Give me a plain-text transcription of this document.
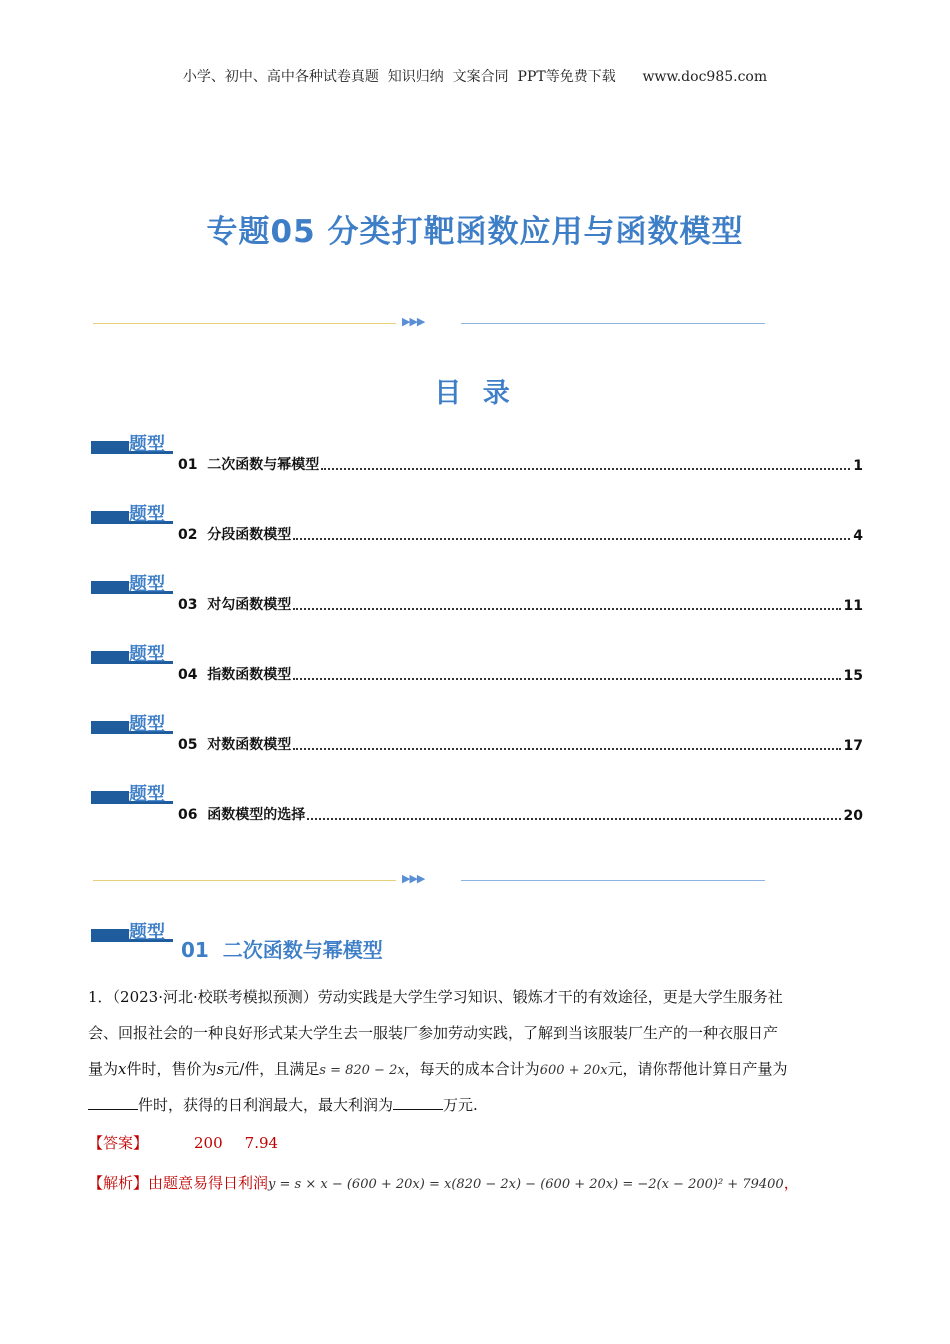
小学、初中、高中各种试卷真题  知识归纳  文案合同  PPT等免费下载      www.doc985.com
专题05 分类打靶函数应用与函数模型
▶▶▶
目 录
题型
01  二次函数与幂模型	1
题型
02  分段函数模型	4
题型
03  对勾函数模型	11
题型
04  指数函数模型	15
题型
05  对数函数模型	17
题型
06  函数模型的选择	20
▶▶▶
题型
01  二次函数与幂模型
1．（2023·河北·校联考模拟预测）劳动实践是大学生学习知识、锻炼才干的有效途径，更是大学生服务社
会、回报社会的一种良好形式某大学生去一服装厂参加劳动实践，了解到当该服装厂生产的一种衣服日产
量为x件时，售价为s元/件，且满足s = 820 − 2x，每天的成本合计为600 + 20x元，请你帮他计算日产量为
件时，获得的日利润最大，最大利润为	万元.
【答案】	200 7.94
【解析】由题意易得日利润y = s × x − (600 + 20x) = x(820 − 2x) − (600 + 20x) = −2(x − 200)² + 79400，
